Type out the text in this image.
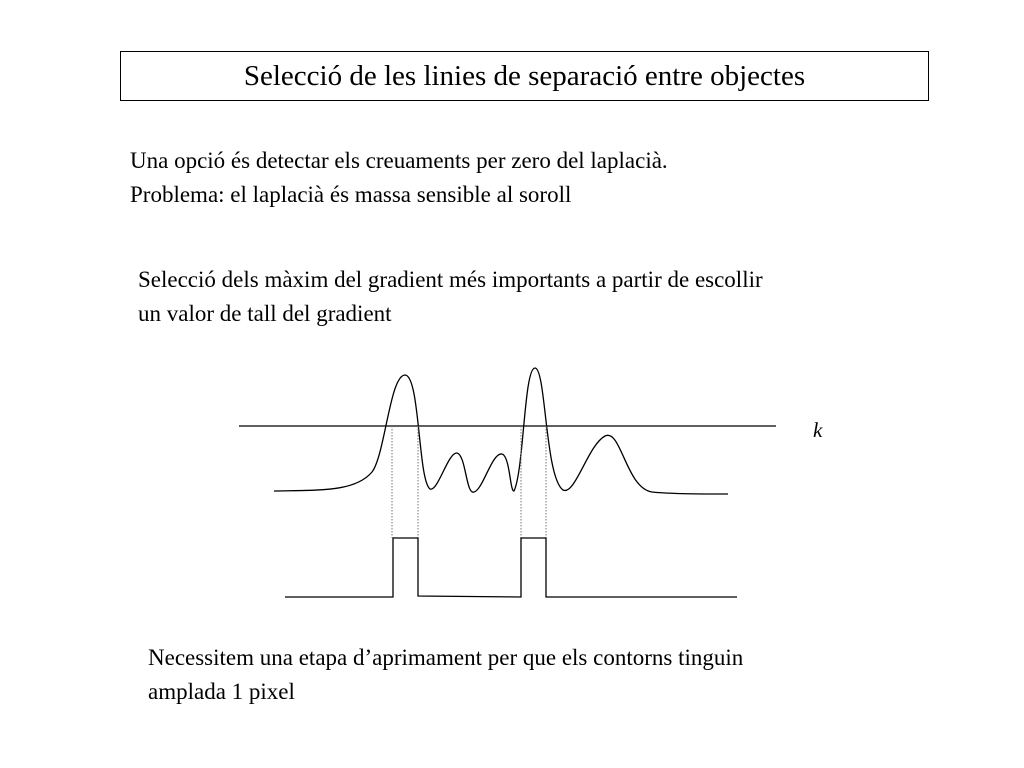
Selecció de les linies de separació entre objectes
Una opció és detectar els creuaments per zero del laplacià.
Problema: el laplacià és massa sensible al soroll
Selecció dels màxim del gradient més importants a partir de escollir
un valor de tall del gradient
k
Necessitem una etapa d’aprimament per que els contorns tinguin
amplada 1 pixel
